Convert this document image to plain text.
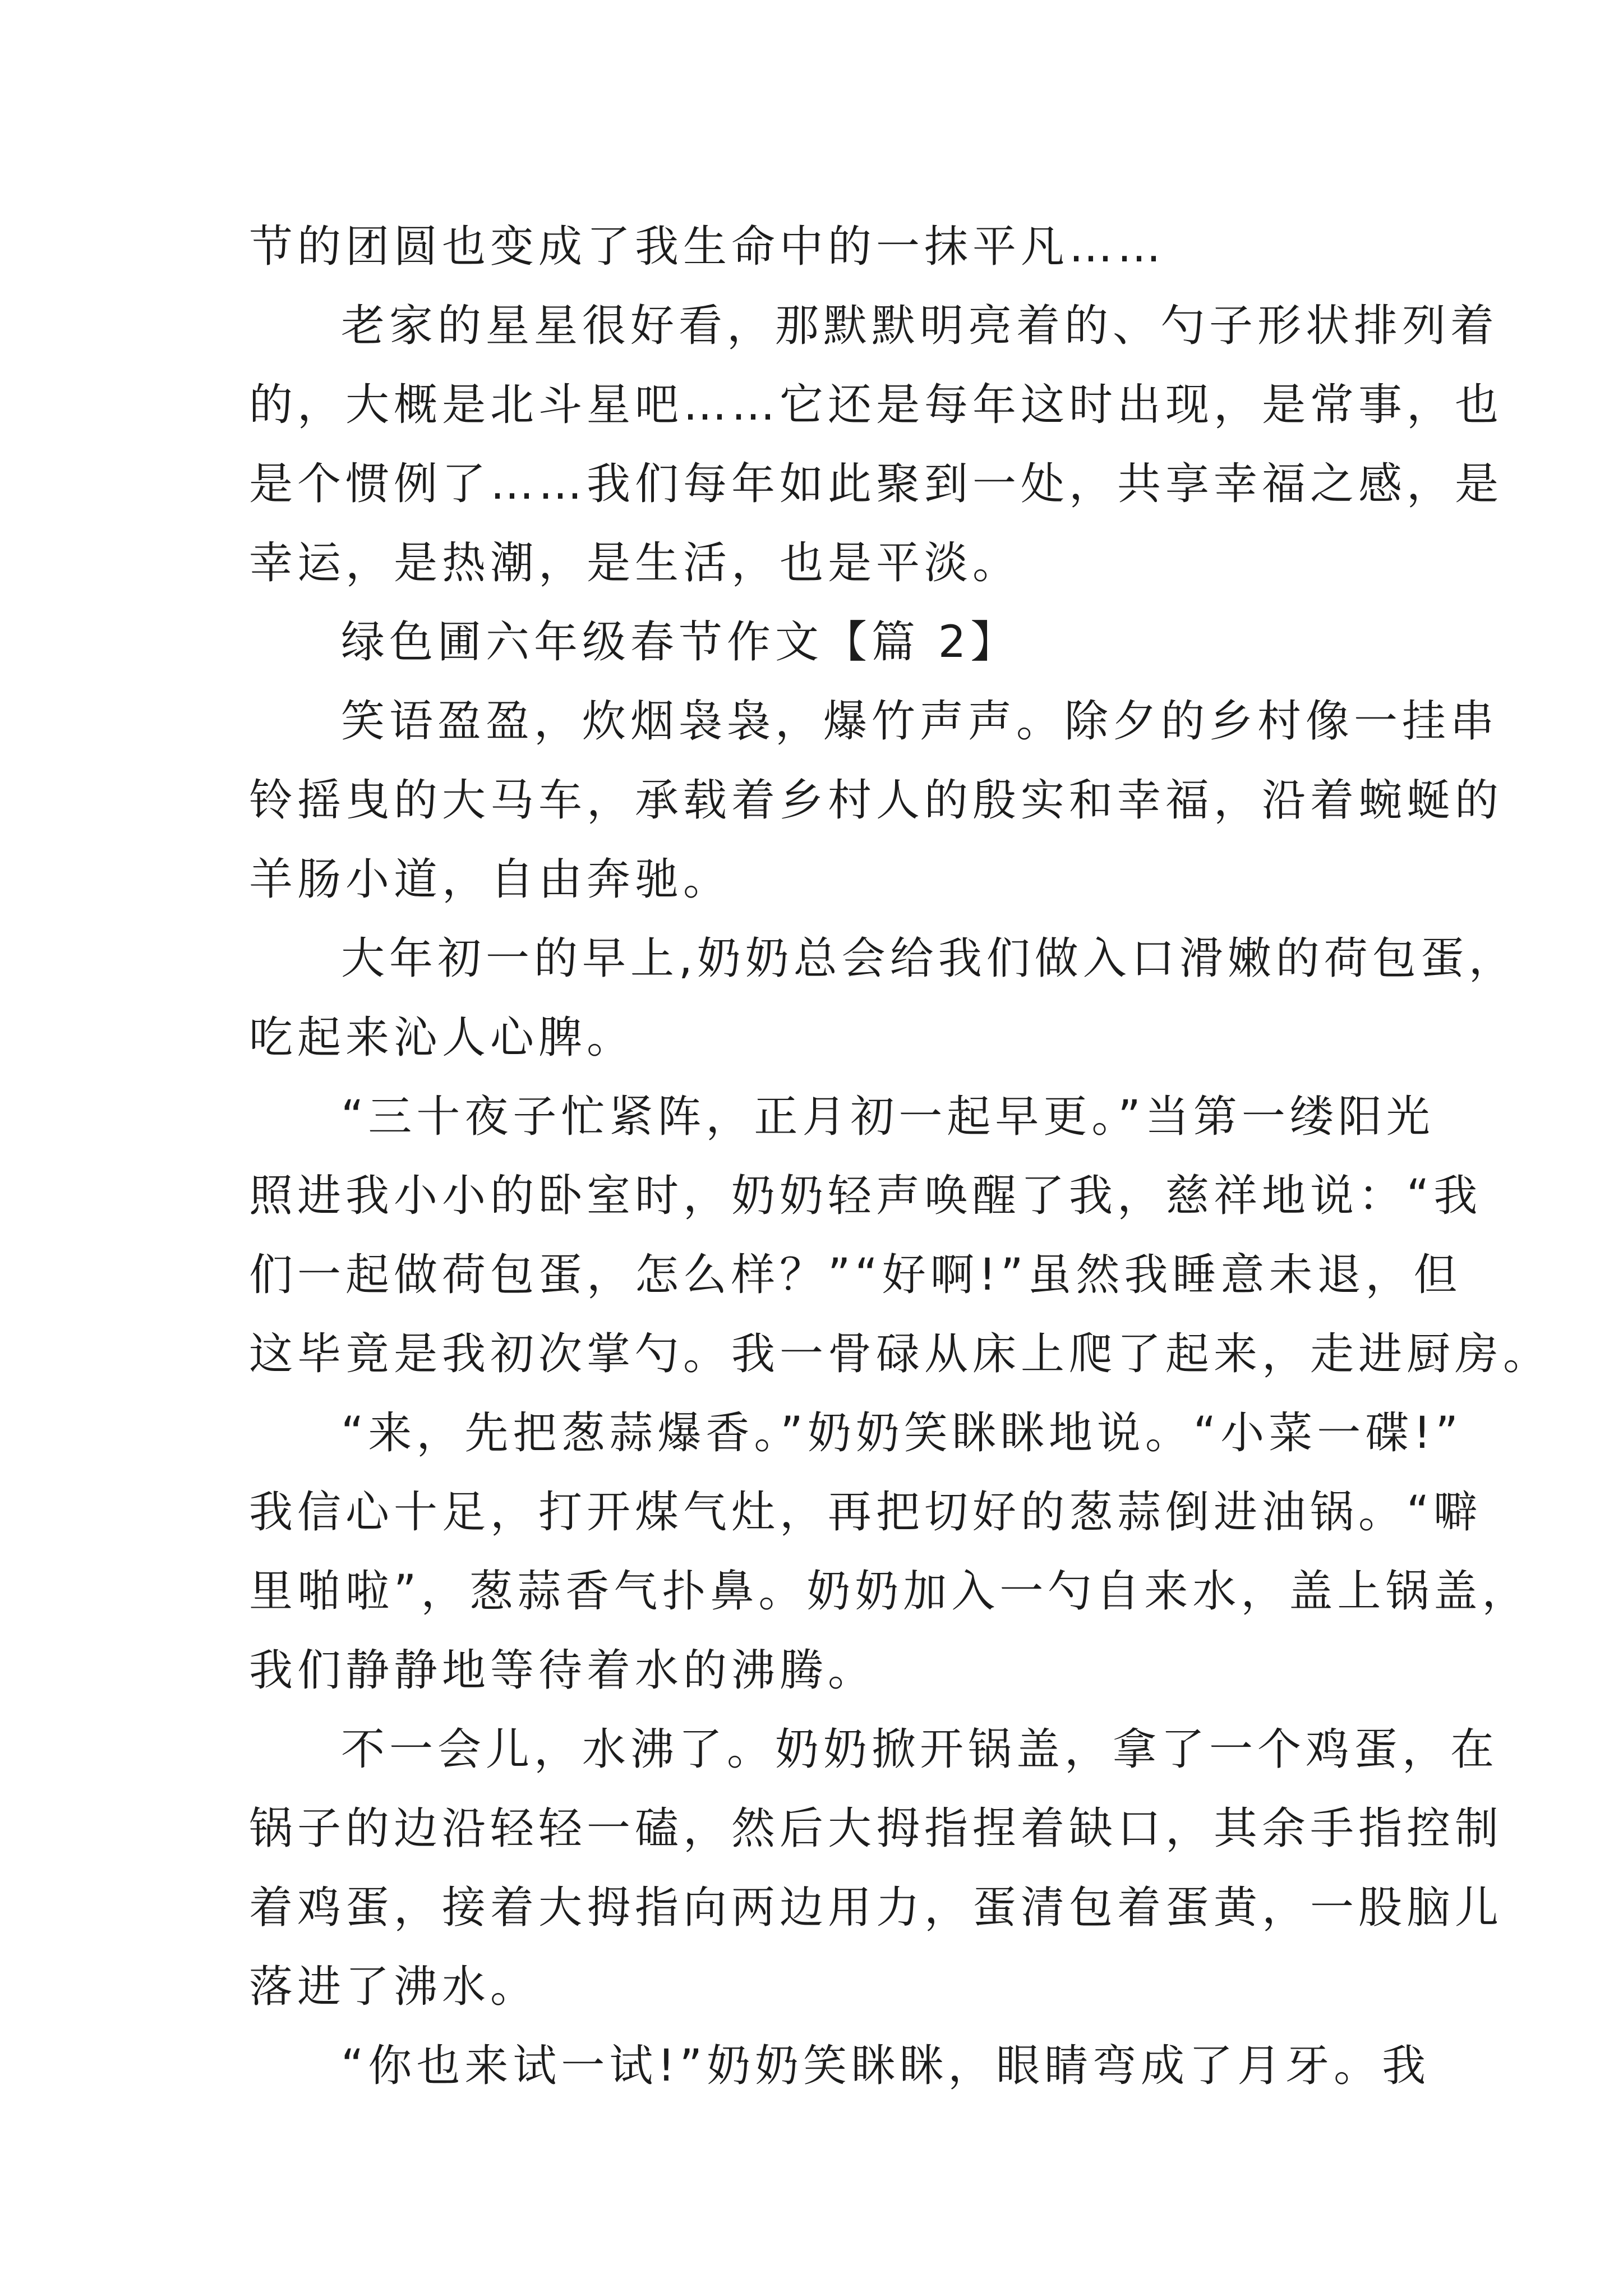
节的团圆也变成了我生命中的一抹平凡……
老家的星星很好看，那默默明亮着的、勺子形状排列着
的，大概是北斗星吧……它还是每年这时出现，是常事，也
是个惯例了……我们每年如此聚到一处，共享幸福之感，是
幸运，是热潮，是生活，也是平淡。
绿色圃六年级春节作文【篇 2】
笑语盈盈，炊烟袅袅，爆竹声声。除夕的乡村像一挂串
铃摇曳的大马车，承载着乡村人的殷实和幸福，沿着蜿蜒的
羊肠小道，自由奔驰。
大年初一的早上,奶奶总会给我们做入口滑嫩的荷包蛋，
吃起来沁人心脾。
“三十夜子忙紧阵，正月初一起早更。”当第一缕阳光
照进我小小的卧室时，奶奶轻声唤醒了我，慈祥地说：“我
们一起做荷包蛋，怎么样？”“好啊!”虽然我睡意未退，但
这毕竟是我初次掌勺。我一骨碌从床上爬了起来，走进厨房。
“来，先把葱蒜爆香。”奶奶笑眯眯地说。“小菜一碟!”
我信心十足，打开煤气灶，再把切好的葱蒜倒进油锅。“噼
里啪啦”，葱蒜香气扑鼻。奶奶加入一勺自来水，盖上锅盖，
我们静静地等待着水的沸腾。
不一会儿，水沸了。奶奶掀开锅盖，拿了一个鸡蛋，在
锅子的边沿轻轻一磕，然后大拇指捏着缺口，其余手指控制
着鸡蛋，接着大拇指向两边用力，蛋清包着蛋黄，一股脑儿
落进了沸水。
“你也来试一试!”奶奶笑眯眯，眼睛弯成了月牙。我
